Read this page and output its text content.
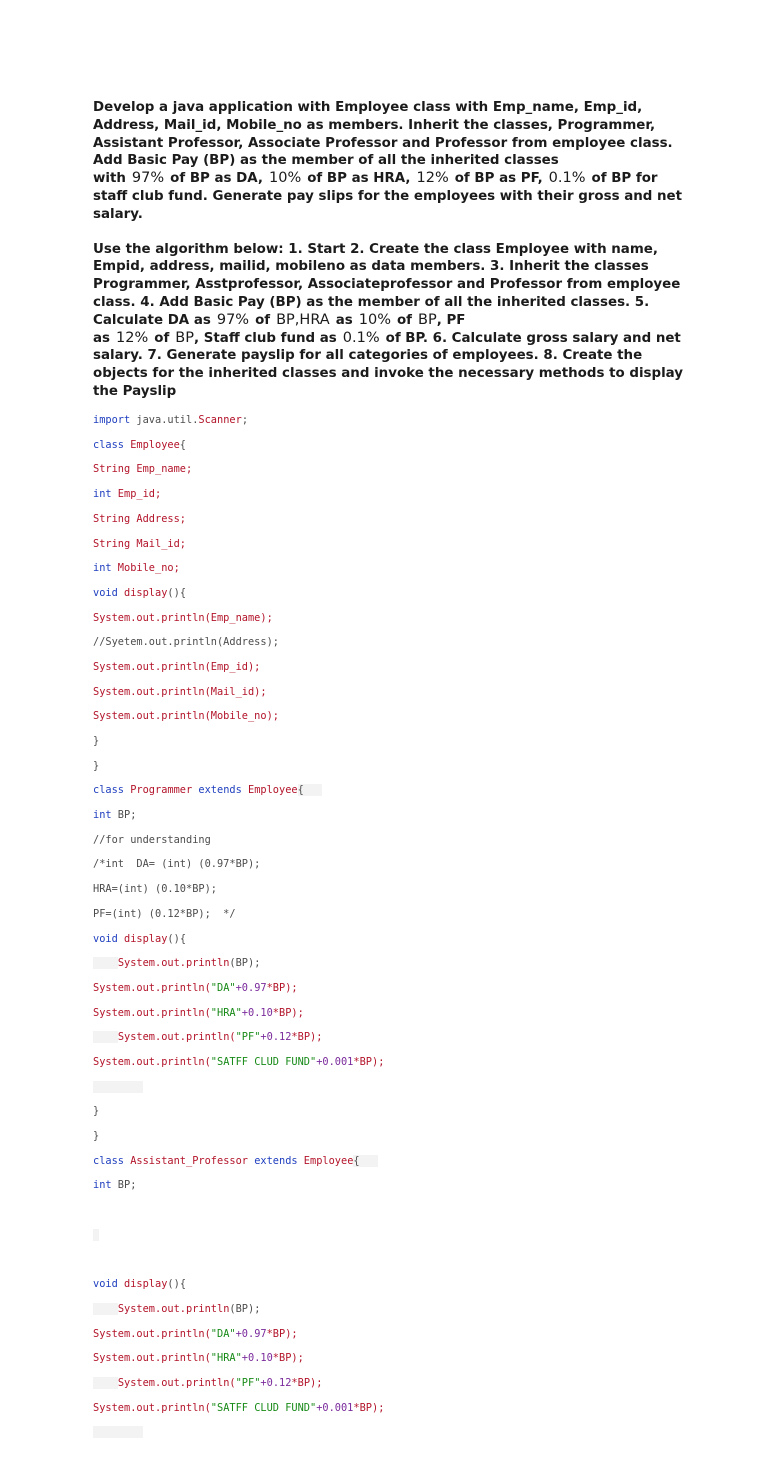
Develop a java application with Employee class with Emp_name, Emp_id, Address, Mail_id, Mobile_no as members. Inherit the classes, Programmer, Assistant Professor, Associate Professor and Professor from employee class. Add Basic Pay (BP) as the member of all the inherited classes
with 97% of BP as DA, 10% of BP as HRA, 12% of BP as PF, 0.1% of BP for staff club fund. Generate pay slips for the employees with their gross and net salary.

Use the algorithm below: 1. Start 2. Create the class Employee with name, Empid, address, mailid, mobileno as data members. 3. Inherit the classes Programmer, Asstprofessor, Associateprofessor and Professor from employee class. 4. Add Basic Pay (BP) as the member of all the inherited classes. 5. Calculate DA as 97% of BP,HRA as 10% of BP, PF
as 12% of BP, Staff club fund as 0.1% of BP. 6. Calculate gross salary and net salary. 7. Generate payslip for all categories of employees. 8. Create the objects for the inherited classes and invoke the necessary methods to display the Payslip

import java.util.Scanner;

class Employee{

String Emp_name;

int Emp_id;

String Address;

String Mail_id;

int Mobile_no;

void display(){

System.out.println(Emp_name);

//Syetem.out.println(Address);

System.out.println(Emp_id);

System.out.println(Mail_id);

System.out.println(Mobile_no);

}

}

class Programmer extends Employee{

int BP;

//for understanding

/*int  DA= (int) (0.97*BP);

HRA=(int) (0.10*BP);

PF=(int) (0.12*BP);  */

void display(){

System.out.println(BP);

System.out.println("DA"+0.97*BP);

System.out.println("HRA"+0.10*BP);

System.out.println("PF"+0.12*BP);

System.out.println("SATFF CLUD FUND"+0.001*BP);

}

}

class Assistant_Professor extends Employee{

int BP;

void display(){

System.out.println(BP);

System.out.println("DA"+0.97*BP);

System.out.println("HRA"+0.10*BP);

System.out.println("PF"+0.12*BP);

System.out.println("SATFF CLUD FUND"+0.001*BP);
